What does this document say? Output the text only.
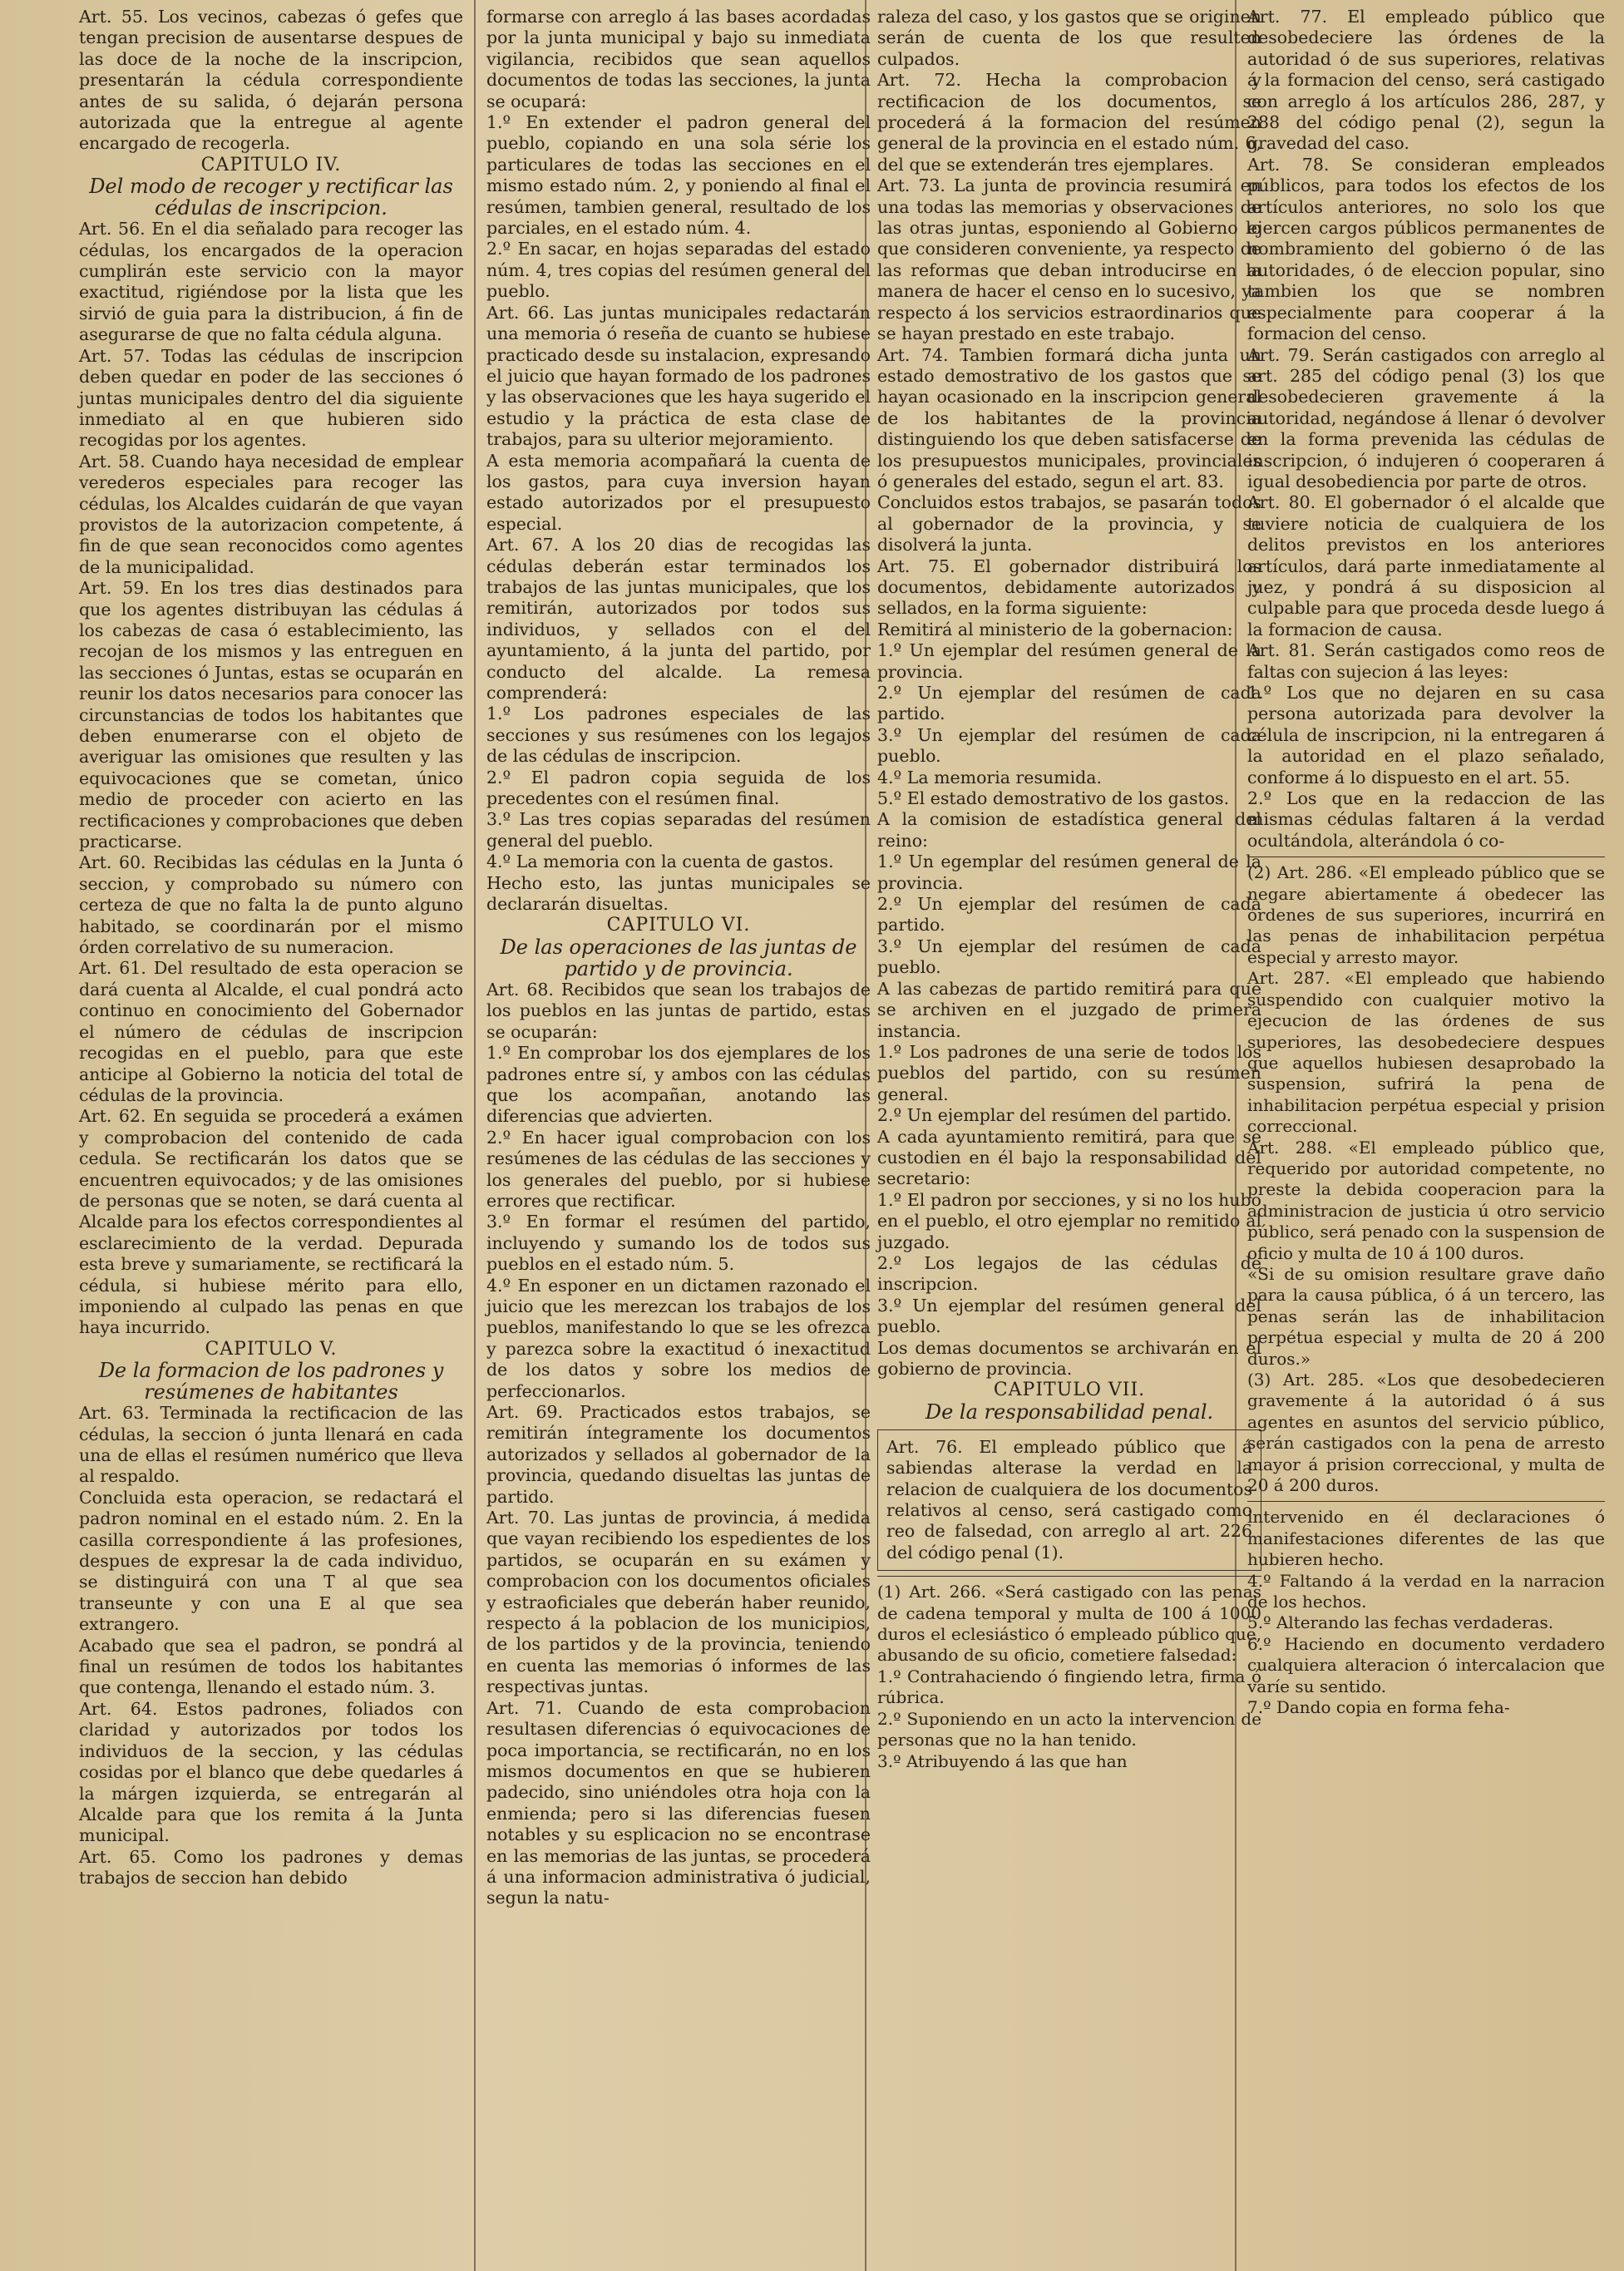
Art. 55. Los vecinos, cabezas ó gefes que tengan precision de ausentarse despues de las doce de la noche de la inscripcion, presentarán la cédula correspondiente antes de su salida, ó dejarán persona autorizada que la entregue al agente encargado de recogerla.

CAPITULO IV.

Del modo de recoger y rectificar las cédulas de inscripcion.

Art. 56. En el dia señalado para recoger las cédulas, los encargados de la operacion cumplirán este servicio con la mayor exactitud, rigiéndose por la lista que les sirvió de guia para la distribucion, á fin de asegurarse de que no falta cédula alguna.

Art. 57. Todas las cédulas de inscripcion deben quedar en poder de las secciones ó juntas municipales dentro del dia siguiente inmediato al en que hubieren sido recogidas por los agentes.

Art. 58. Cuando haya necesidad de emplear verederos especiales para recoger las cédulas, los Alcaldes cuidarán de que vayan provistos de la autorizacion competente, á fin de que sean reconocidos como agentes de la municipalidad.

Art. 59. En los tres dias destinados para que los agentes distribuyan las cédulas á los cabezas de casa ó establecimiento, las recojan de los mismos y las entreguen en las secciones ó Juntas, estas se ocuparán en reunir los datos necesarios para conocer las circunstancias de todos los habitantes que deben enumerarse con el objeto de averiguar las omisiones que resulten y las equivocaciones que se cometan, único medio de proceder con acierto en las rectificaciones y comprobaciones que deben practicarse.

Art. 60. Recibidas las cédulas en la Junta ó seccion, y comprobado su número con certeza de que no falta la de punto alguno habitado, se coordinarán por el mismo órden correlativo de su numeracion.

Art. 61. Del resultado de esta operacion se dará cuenta al Alcalde, el cual pondrá acto continuo en conocimiento del Gobernador el número de cédulas de inscripcion recogidas en el pueblo, para que este anticipe al Gobierno la noticia del total de cédulas de la provincia.

Art. 62. En seguida se procederá a exámen y comprobacion del contenido de cada cedula. Se rectificarán los datos que se encuentren equivocados; y de las omisiones de personas que se noten, se dará cuenta al Alcalde para los efectos correspondientes al esclarecimiento de la verdad. Depurada esta breve y sumariamente, se rectificará la cédula, si hubiese mérito para ello, imponiendo al culpado las penas en que haya incurrido.

CAPITULO V.

De la formacion de los padrones y resúmenes de habitantes

Art. 63. Terminada la rectificacion de las cédulas, la seccion ó junta llenará en cada una de ellas el resúmen numérico que lleva al respaldo.

Concluida esta operacion, se redactará el padron nominal en el estado núm. 2. En la casilla correspondiente á las profesiones, despues de expresar la de cada individuo, se distinguirá con una T al que sea transeunte y con una E al que sea extrangero.

Acabado que sea el padron, se pondrá al final un resúmen de todos los habitantes que contenga, llenando el estado núm. 3.

Art. 64. Estos padrones, foliados con claridad y autorizados por todos los individuos de la seccion, y las cédulas cosidas por el blanco que debe quedarles á la márgen izquierda, se entregarán al Alcalde para que los remita á la Junta municipal.

Art. 65. Como los padrones y demas trabajos de seccion han debido

formarse con arreglo á las bases acordadas por la junta municipal y bajo su inmediata vigilancia, recibidos que sean aquellos documentos de todas las secciones, la junta se ocupará:

1.º En extender el padron general del pueblo, copiando en una sola série los particulares de todas las secciones en el mismo estado núm. 2, y poniendo al final el resúmen, tambien general, resultado de los parciales, en el estado núm. 4.

2.º En sacar, en hojas separadas del estado núm. 4, tres copias del resúmen general del pueblo.

Art. 66. Las juntas municipales redactarán una memoria ó reseña de cuanto se hubiese practicado desde su instalacion, expresando el juicio que hayan formado de los padrones y las observaciones que les haya sugerido el estudio y la práctica de esta clase de trabajos, para su ulterior mejoramiento.

A esta memoria acompañará la cuenta de los gastos, para cuya inversion hayan estado autorizados por el presupuesto especial.

Art. 67. A los 20 dias de recogidas las cédulas deberán estar terminados los trabajos de las juntas municipales, que los remitirán, autorizados por todos sus individuos, y sellados con el del ayuntamiento, á la junta del partido, por conducto del alcalde. La remesa comprenderá:

1.º Los padrones especiales de las secciones y sus resúmenes con los legajos de las cédulas de inscripcion.

2.º El padron copia seguida de los precedentes con el resúmen final.

3.º Las tres copias separadas del resúmen general del pueblo.

4.º La memoria con la cuenta de gastos.

Hecho esto, las juntas municipales se declararán disueltas.

CAPITULO VI.

De las operaciones de las juntas de partido y de provincia.

Art. 68. Recibidos que sean los trabajos de los pueblos en las juntas de partido, estas se ocuparán:

1.º En comprobar los dos ejemplares de los padrones entre sí, y ambos con las cédulas que los acompañan, anotando las diferencias que advierten.

2.º En hacer igual comprobacion con los resúmenes de las cédulas de las secciones y los generales del pueblo, por si hubiese errores que rectificar.

3.º En formar el resúmen del partido, incluyendo y sumando los de todos sus pueblos en el estado núm. 5.

4.º En esponer en un dictamen razonado el juicio que les merezcan los trabajos de los pueblos, manifestando lo que se les ofrezca y parezca sobre la exactitud ó inexactitud de los datos y sobre los medios de perfeccionarlos.

Art. 69. Practicados estos trabajos, se remitirán íntegramente los documentos autorizados y sellados al gobernador de la provincia, quedando disueltas las juntas de partido.

Art. 70. Las juntas de provincia, á medida que vayan recibiendo los espedientes de los partidos, se ocuparán en su exámen y comprobacion con los documentos oficiales y estraoficiales que deberán haber reunido, respecto á la poblacion de los municipios, de los partidos y de la provincia, teniendo en cuenta las memorias ó informes de las respectivas juntas.

Art. 71. Cuando de esta comprobacion resultasen diferencias ó equivocaciones de poca importancia, se rectificarán, no en los mismos documentos en que se hubieren padecido, sino uniéndoles otra hoja con la enmienda; pero si las diferencias fuesen notables y su esplicacion no se encontrase en las memorias de las juntas, se procederá á una informacion administrativa ó judicial, segun la natu-

raleza del caso, y los gastos que se originen serán de cuenta de los que resulten culpados.

Art. 72. Hecha la comprobacion y rectificacion de los documentos, se procederá á la formacion del resúmen general de la provincia en el estado núm. 6, del que se extenderán tres ejemplares.

Art. 73. La junta de provincia resumirá en una todas las memorias y observaciones de las otras juntas, esponiendo al Gobierno lo que consideren conveniente, ya respecto de las reformas que deban introducirse en la manera de hacer el censo en lo sucesivo, ya respecto á los servicios estraordinarios que se hayan prestado en este trabajo.

Art. 74. Tambien formará dicha junta un estado demostrativo de los gastos que se hayan ocasionado en la inscripcion general de los habitantes de la provincia distinguiendo los que deben satisfacerse de los presupuestos municipales, provinciales ó generales del estado, segun el art. 83.

Concluidos estos trabajos, se pasarán todos al gobernador de la provincia, y se disolverá la junta.

Art. 75. El gobernador distribuirá los documentos, debidamente autorizados y sellados, en la forma siguiente:

Remitirá al ministerio de la gobernacion:

1.º Un ejemplar del resúmen general de la provincia.

2.º Un ejemplar del resúmen de cada partido.

3.º Un ejemplar del resúmen de cada pueblo.

4.º La memoria resumida.

5.º El estado demostrativo de los gastos.

A la comision de estadística general del reino:

1.º Un egemplar del resúmen general de la provincia.

2.º Un ejemplar del resúmen de cada partido.

3.º Un ejemplar del resúmen de cada pueblo.

A las cabezas de partido remitirá para que se archiven en el juzgado de primera instancia.

1.º Los padrones de una serie de todos los pueblos del partido, con su resúmen general.

2.º Un ejemplar del resúmen del partido.

A cada ayuntamiento remitirá, para que se custodien en él bajo la responsabilidad del secretario:

1.º El padron por secciones, y si no los hubo en el pueblo, el otro ejemplar no remitido al juzgado.

2.º Los legajos de las cédulas de inscripcion.

3.º Un ejemplar del resúmen general del pueblo.

Los demas documentos se archivarán en el gobierno de provincia.

CAPITULO VII.

De la responsabilidad penal.

Art. 76. El empleado público que á sabiendas alterase la verdad en la relacion de cualquiera de los documentos relativos al censo, será castigado como reo de falsedad, con arreglo al art. 226 del código penal (1).

(1) Art. 266. «Será castigado con las penas de cadena temporal y multa de 100 á 1000 duros el eclesiástico ó empleado público que, abusando de su oficio, cometiere falsedad:

1.º Contrahaciendo ó fingiendo letra, firma ó rúbrica.

2.º Suponiendo en un acto la intervencion de personas que no la han tenido.

3.º Atribuyendo á las que han

Art. 77. El empleado público que desobedeciere las órdenes de la autoridad ó de sus superiores, relativas á la formacion del censo, será castigado con arreglo á los artículos 286, 287, y 288 del código penal (2), segun la gravedad del caso.

Art. 78. Se consideran empleados públicos, para todos los efectos de los artículos anteriores, no solo los que ejercen cargos públicos permanentes de nombramiento del gobierno ó de las autoridades, ó de eleccion popular, sino tambien los que se nombren especialmente para cooperar á la formacion del censo.

Art. 79. Serán castigados con arreglo al art. 285 del código penal (3) los que desobedecieren gravemente á la autoridad, negándose á llenar ó devolver en la forma prevenida las cédulas de inscripcion, ó indujeren ó cooperaren á igual desobediencia por parte de otros.

Art. 80. El gobernador ó el alcalde que tuviere noticia de cualquiera de los delitos previstos en los anteriores artículos, dará parte inmediatamente al juez, y pondrá á su disposicion al culpable para que proceda desde luego á la formacion de causa.

Art. 81. Serán castigados como reos de faltas con sujecion á las leyes:

1.º Los que no dejaren en su casa persona autorizada para devolver la célula de inscripcion, ni la entregaren á la autoridad en el plazo señalado, conforme á lo dispuesto en el art. 55.

2.º Los que en la redaccion de las mismas cédulas faltaren á la verdad ocultándola, alterándola ó co-

(2) Art. 286. «El empleado público que se negare abiertamente á obedecer las órdenes de sus superiores, incurrirá en las penas de inhabilitacion perpétua especial y arresto mayor.

Art. 287. «El empleado que habiendo suspendido con cualquier motivo la ejecucion de las órdenes de sus superiores, las desobedeciere despues que aquellos hubiesen desaprobado la suspension, sufrirá la pena de inhabilitacion perpétua especial y prision correccional.

Art. 288. «El empleado público que, requerido por autoridad competente, no preste la debida cooperacion para la administracion de justicia ú otro servicio público, será penado con la suspension de oficio y multa de 10 á 100 duros.

«Si de su omision resultare grave daño para la causa pública, ó á un tercero, las penas serán las de inhabilitacion perpétua especial y multa de 20 á 200 duros.»

(3) Art. 285. «Los que desobedecieren gravemente á la autoridad ó á sus agentes en asuntos del servicio público, serán castigados con la pena de arresto mayor á prision correccional, y multa de 20 á 200 duros.

intervenido en él declaraciones ó manifestaciones diferentes de las que hubieren hecho.

4.º Faltando á la verdad en la narracion de los hechos.

5.º Alterando las fechas verdaderas.

6.º Haciendo en documento verdadero cualquiera alteracion ó intercalacion que varíe su sentido.

7.º Dando copia en forma feha-
